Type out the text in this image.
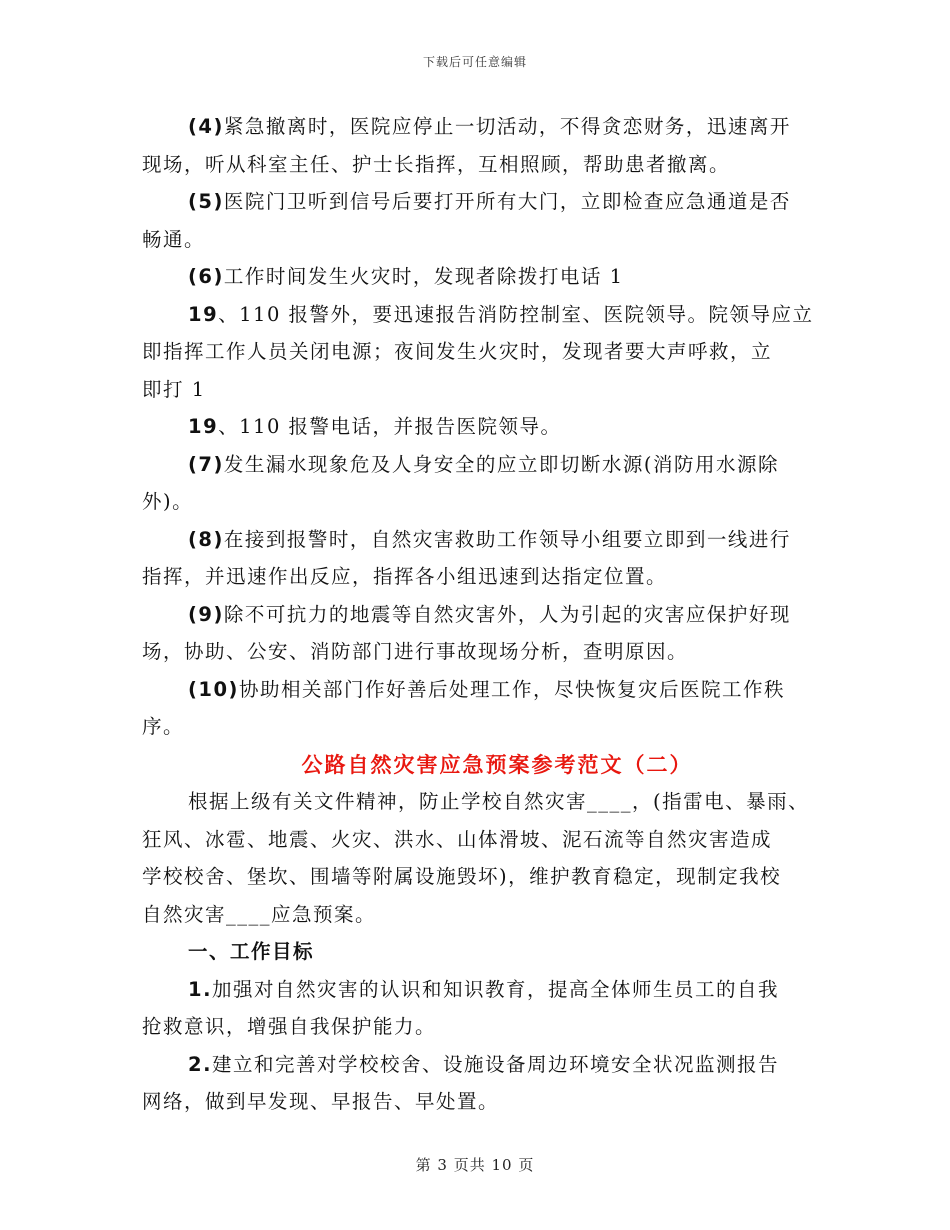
下载后可任意编辑
(4)紧急撤离时，医院应停止一切活动，不得贪恋财务，迅速离开
现场，听从科室主任、护士长指挥，互相照顾，帮助患者撤离。
(5)医院门卫听到信号后要打开所有大门，立即检查应急通道是否
畅通。
(6)工作时间发生火灾时，发现者除拨打电话 1
19、110 报警外，要迅速报告消防控制室、医院领导。院领导应立
即指挥工作人员关闭电源；夜间发生火灾时，发现者要大声呼救，立
即打 1
19、110 报警电话，并报告医院领导。
(7)发生漏水现象危及人身安全的应立即切断水源(消防用水源除
外)。
(8)在接到报警时，自然灾害救助工作领导小组要立即到一线进行
指挥，并迅速作出反应，指挥各小组迅速到达指定位置。
(9)除不可抗力的地震等自然灾害外，人为引起的灾害应保护好现
场，协助、公安、消防部门进行事故现场分析，查明原因。
(10)协助相关部门作好善后处理工作，尽快恢复灾后医院工作秩
序。
公路自然灾害应急预案参考范文（二）
根据上级有关文件精神，防止学校自然灾害____，(指雷电、暴雨、
狂风、冰雹、地震、火灾、洪水、山体滑坡、泥石流等自然灾害造成
学校校舍、堡坎、围墙等附属设施毁坏)，维护教育稳定，现制定我校
自然灾害____应急预案。
一、工作目标
1.加强对自然灾害的认识和知识教育，提高全体师生员工的自我
抢救意识，增强自我保护能力。
2.建立和完善对学校校舍、设施设备周边环境安全状况监测报告
网络，做到早发现、早报告、早处置。
第 3 页共 10 页
